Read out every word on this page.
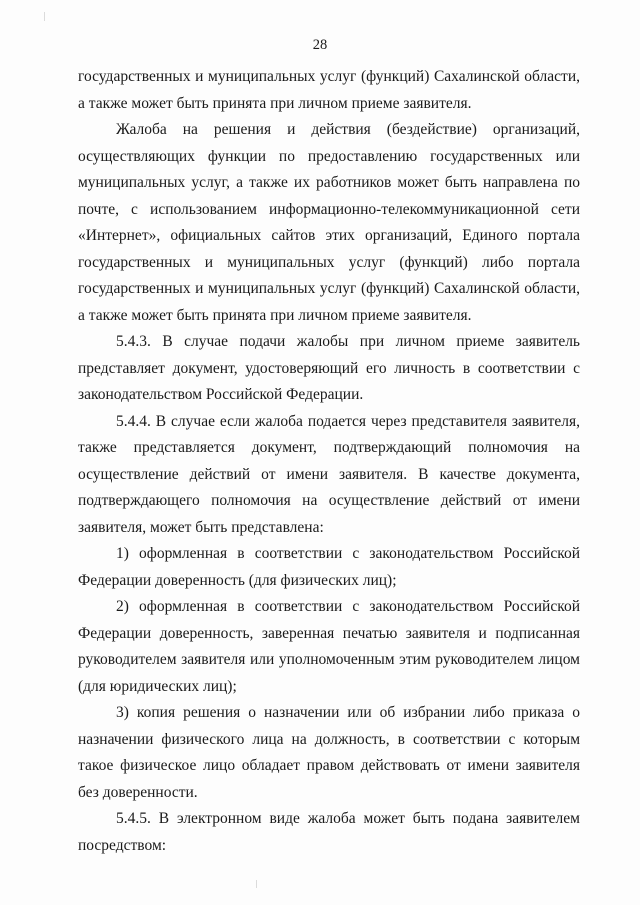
28

государственных и муниципальных услуг (функций) Сахалинской области, а также может быть принята при личном приеме заявителя.

Жалоба на решения и действия (бездействие) организаций, осуществляющих функции по предоставлению государственных или муниципальных услуг, а также их работников может быть направлена по почте, с использованием информационно-телекоммуникационной сети «Интернет», официальных сайтов этих организаций, Единого портала государственных и муниципальных услуг (функций) либо портала государственных и муниципальных услуг (функций) Сахалинской области, а также может быть принята при личном приеме заявителя.

5.4.3. В случае подачи жалобы при личном приеме заявитель представляет документ, удостоверяющий его личность в соответствии с законодательством Российской Федерации.

5.4.4. В случае если жалоба подается через представителя заявителя, также представляется документ, подтверждающий полномочия на осуществление действий от имени заявителя. В качестве документа, подтверждающего полномочия на осуществление действий от имени заявителя, может быть представлена:

1) оформленная в соответствии с законодательством Российской Федерации доверенность (для физических лиц);

2) оформленная в соответствии с законодательством Российской Федерации доверенность, заверенная печатью заявителя и подписанная руководителем заявителя или уполномоченным этим руководителем лицом (для юридических лиц);

3) копия решения о назначении или об избрании либо приказа о назначении физического лица на должность, в соответствии с которым такое физическое лицо обладает правом действовать от имени заявителя без доверенности.

5.4.5. В электронном виде жалоба может быть подана заявителем посредством:
